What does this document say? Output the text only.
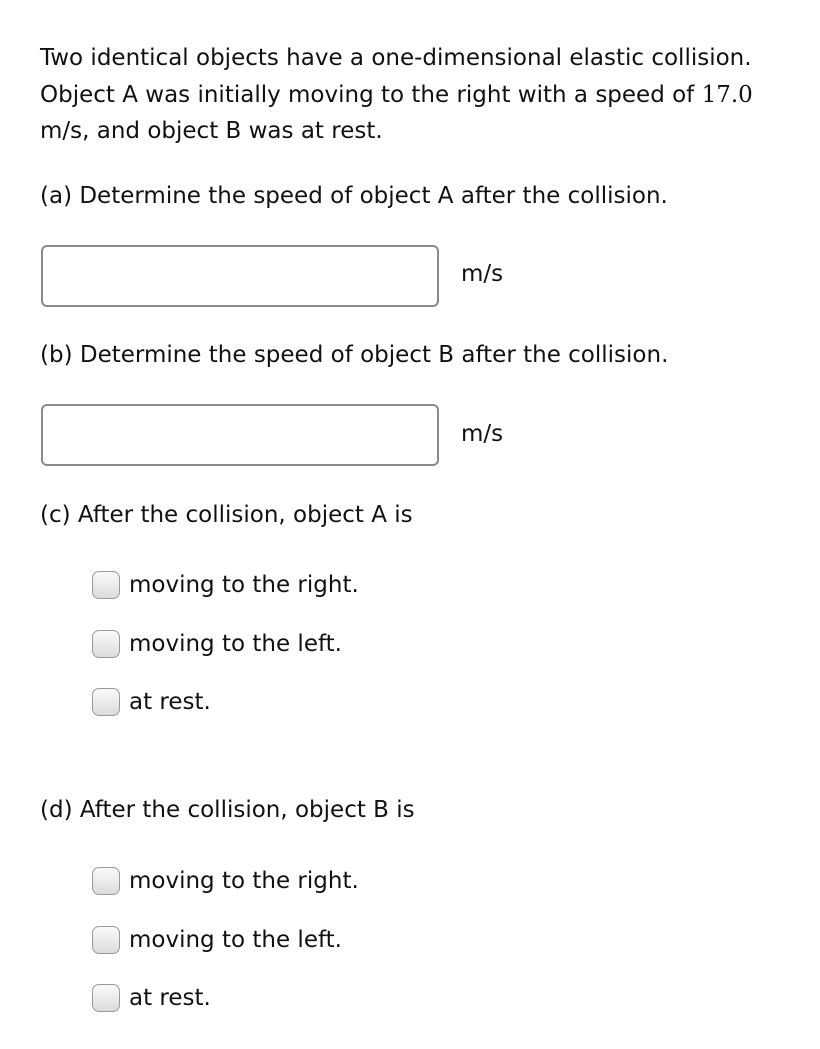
Two identical objects have a one-dimensional elastic collision. Object A was initially moving to the right with a speed of 17.0 m/s, and object B was at rest.
(a) Determine the speed of object A after the collision.
m/s
(b) Determine the speed of object B after the collision.
m/s
(c) After the collision, object A is
moving to the right.
moving to the left.
at rest.
(d) After the collision, object B is
moving to the right.
moving to the left.
at rest.
